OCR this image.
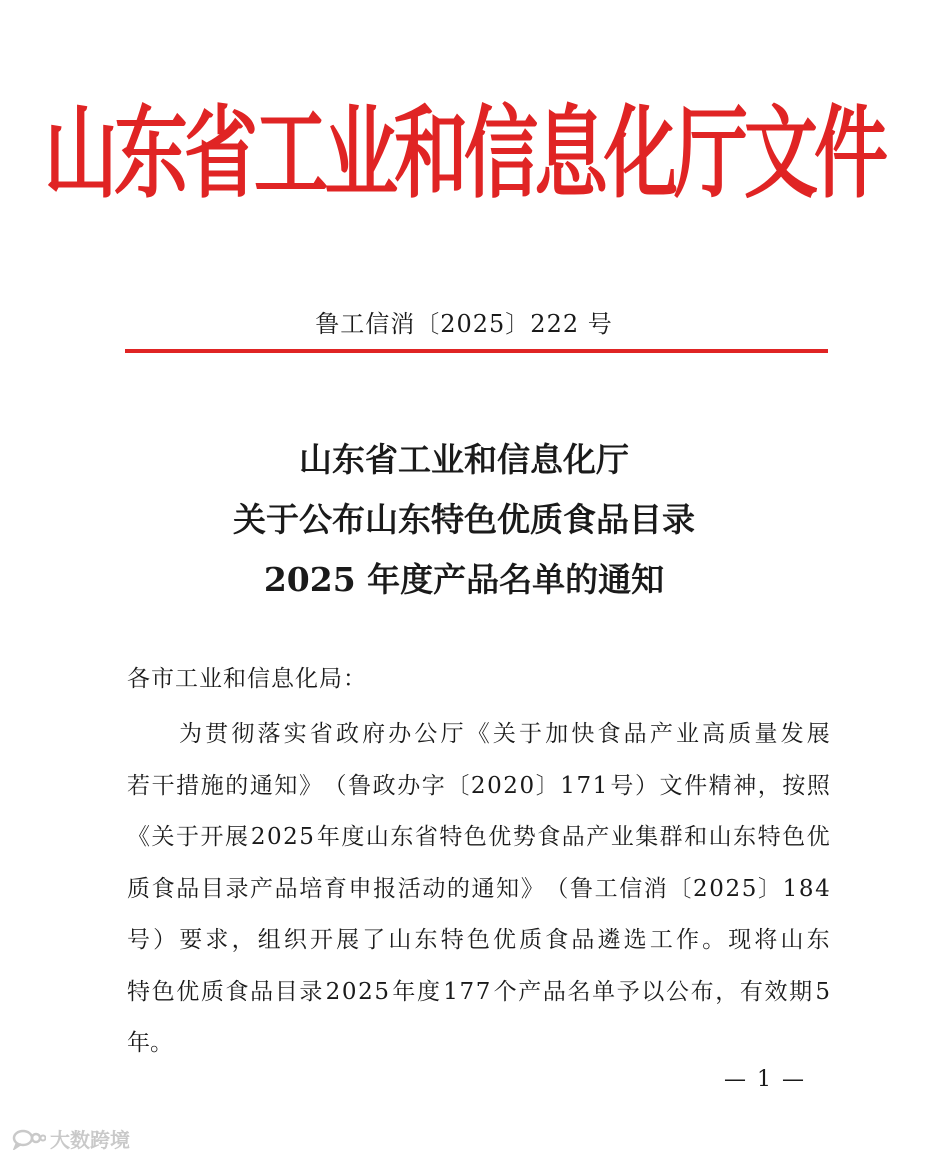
山东省工业和信息化厅文件
鲁工信消〔2025〕222 号
山东省工业和信息化厅
关于公布山东特色优质食品目录
2025 年度产品名单的通知
各市工业和信息化局：
为 贯 彻 落 实 省 政 府 办 公 厅 《 关 于 加 快 食 品 产 业 高 质 量 发 展
若 干 措 施 的 通 知 》 （ 鲁 政 办 字 〔 2 0 2 0 〕 1 7 1 号 ） 文 件 精 神 ， 按 照
《 关 于 开 展 2 0 2 5 年 度 山 东 省 特 色 优 势 食 品 产 业 集 群 和 山 东 特 色 优
质 食 品 目 录 产 品 培 育 申 报 活 动 的 通 知 》 （ 鲁 工 信 消 〔 2 0 2 5 〕 1 8 4
号 ） 要 求 ， 组 织 开 展 了 山 东 特 色 优 质 食 品 遴 选 工 作 。 现 将 山 东
特 色 优 质 食 品 目 录 2 0 2 5 年 度 1 7 7 个 产 品 名 单 予 以 公 布 ， 有 效 期 5
年。
— 1 —
大数跨境
